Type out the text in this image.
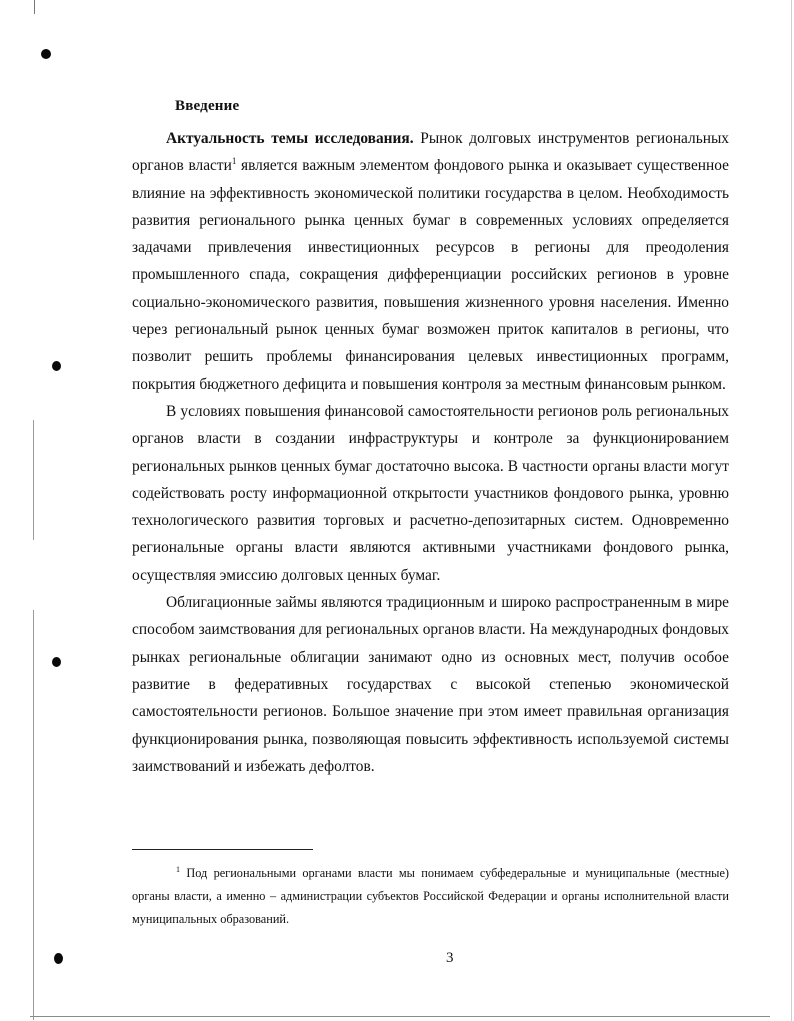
Введение

Актуальность темы исследования. Рынок долговых инструментов региональных органов власти$^1$ является важным элементом фондового рынка и оказывает существенное влияние на эффективность экономической политики государства в целом. Необходимость развития регионального рынка ценных бумаг в современных условиях определяется задачами привлечения инвестиционных ресурсов в регионы для преодоления промышленного спада, сокращения дифференциации российских регионов в уровне социально-экономического развития, повышения жизненного уровня населения. Именно через региональный рынок ценных бумаг возможен приток капиталов в регионы, что позволит решить проблемы финансирования целевых инвестиционных программ, покрытия бюджетного дефицита и повышения контроля за местным финансовым рынком.

В условиях повышения финансовой самостоятельности регионов роль региональных органов власти в создании инфраструктуры и контроле за функционированием региональных рынков ценных бумаг достаточно высока. В частности органы власти могут содействовать росту информационной открытости участников фондового рынка, уровню технологического развития торговых и расчетно-депозитарных систем. Одновременно региональные органы власти являются активными участниками фондового рынка, осуществляя эмиссию долговых ценных бумаг.

Облигационные займы являются традиционным и широко распространенным в мире способом заимствования для региональных органов власти. На международных фондовых рынках региональные облигации занимают одно из основных мест, получив особое развитие в федеративных государствах с высокой степенью экономической самостоятельности регионов. Большое значение при этом имеет правильная организация функционирования рынка, позволяющая повысить эффективность используемой системы заимствований и избежать дефолтов.

$^1$ Под региональными органами власти мы понимаем субфедеральные и муниципальные (местные) органы власти, а именно – администрации субъектов Российской Федерации и органы исполнительной власти муниципальных образований.

3
